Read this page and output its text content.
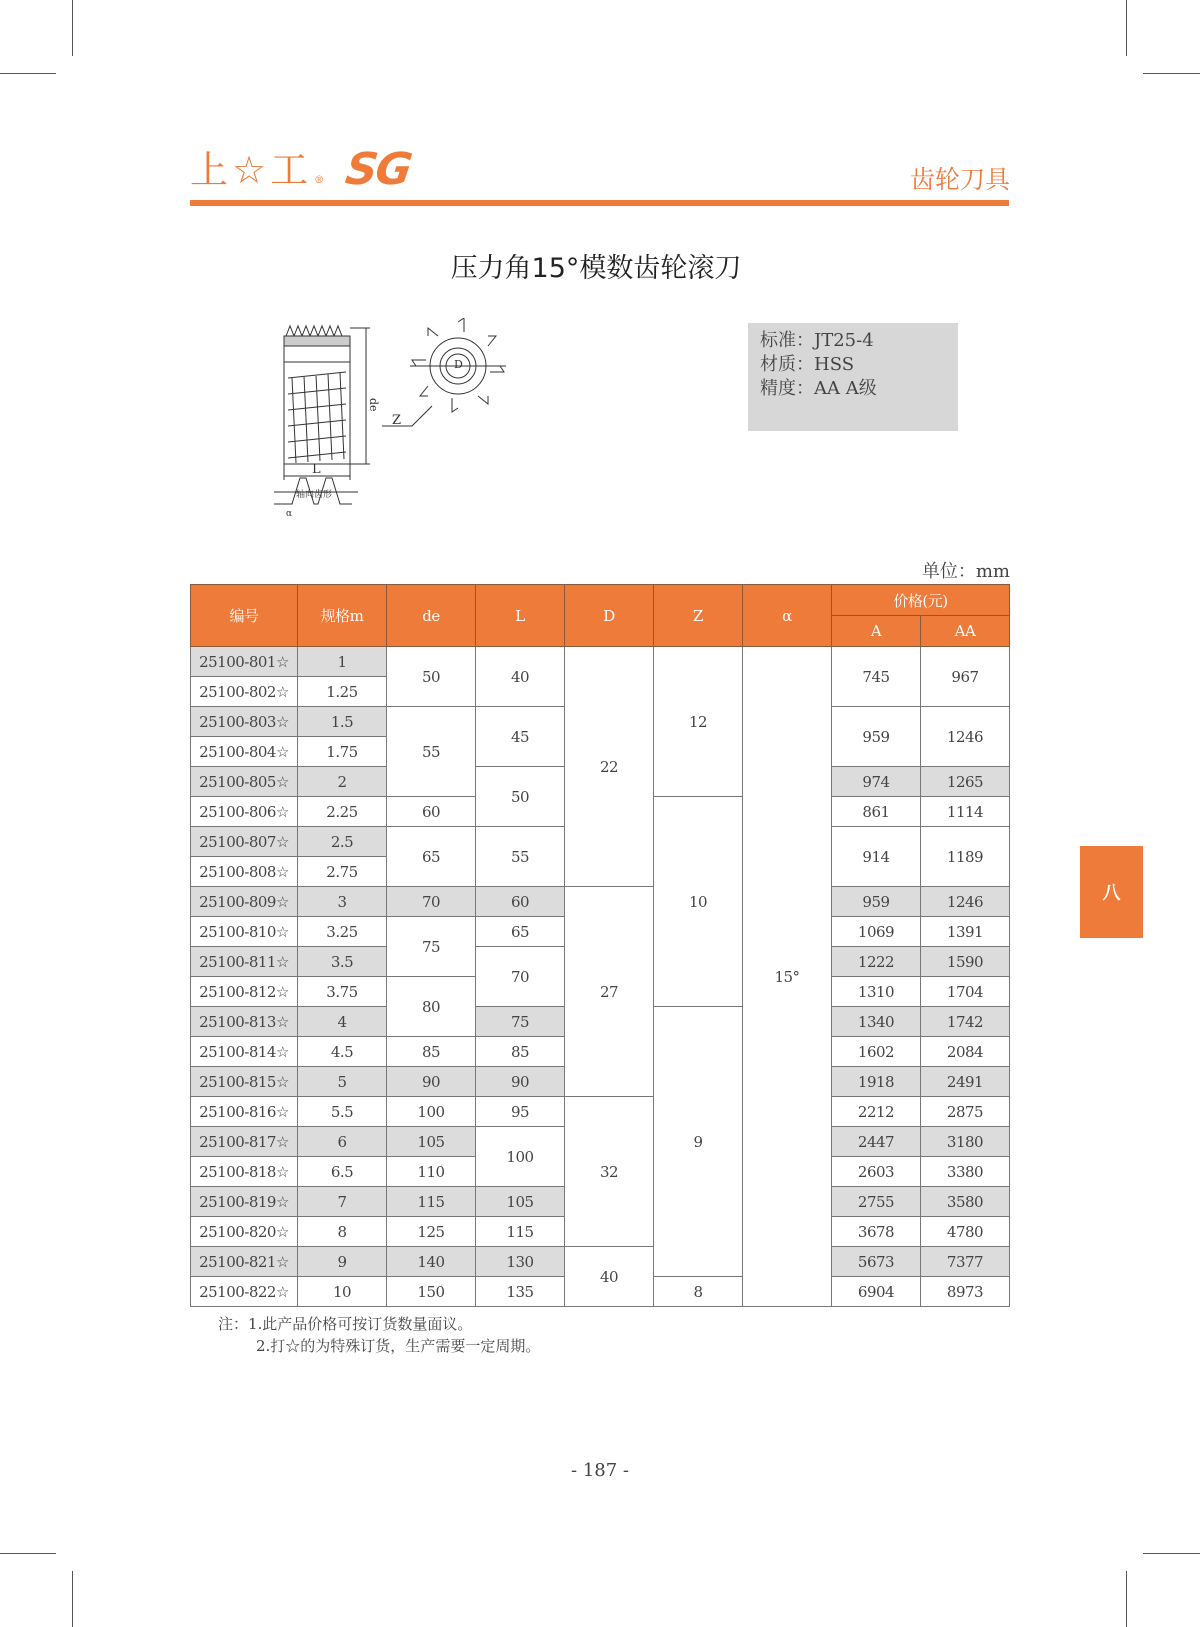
上☆工 ® SG	齿轮刀具
压力角15°模数齿轮滚刀
de
L
轴向齿形
α
D
Z
标准：JT25-4
材质：HSS
精度：AA A级
单位：mm
编号	规格m	de	L	D	Z	α	价格(元)	
							A	AA
25100-801☆	1	50	40	22	12	15°	745	967
25100-802☆	1.25							
25100-803☆	1.5	55	45				959	1246
25100-804☆	1.75							
25100-805☆	2		50				974	1265
25100-806☆	2.25	60			10		861	1114
25100-807☆	2.5	65	55				914	1189
25100-808☆	2.75							
25100-809☆	3	70	60	27			959	1246
25100-810☆	3.25	75	65				1069	1391
25100-811☆	3.5		70				1222	1590
25100-812☆	3.75	80					1310	1704
25100-813☆	4		75		9		1340	1742
25100-814☆	4.5	85	85				1602	2084
25100-815☆	5	90	90				1918	2491
25100-816☆	5.5	100	95	32			2212	2875
25100-817☆	6	105	100				2447	3180
25100-818☆	6.5	110					2603	3380
25100-819☆	7	115	105				2755	3580
25100-820☆	8	125	115				3678	4780
25100-821☆	9	140	130	40			5673	7377
25100-822☆	10	150	135		8		6904	8973
注：1.此产品价格可按订货数量面议。
2.打☆的为特殊订货，生产需要一定周期。
八
- 187 -
